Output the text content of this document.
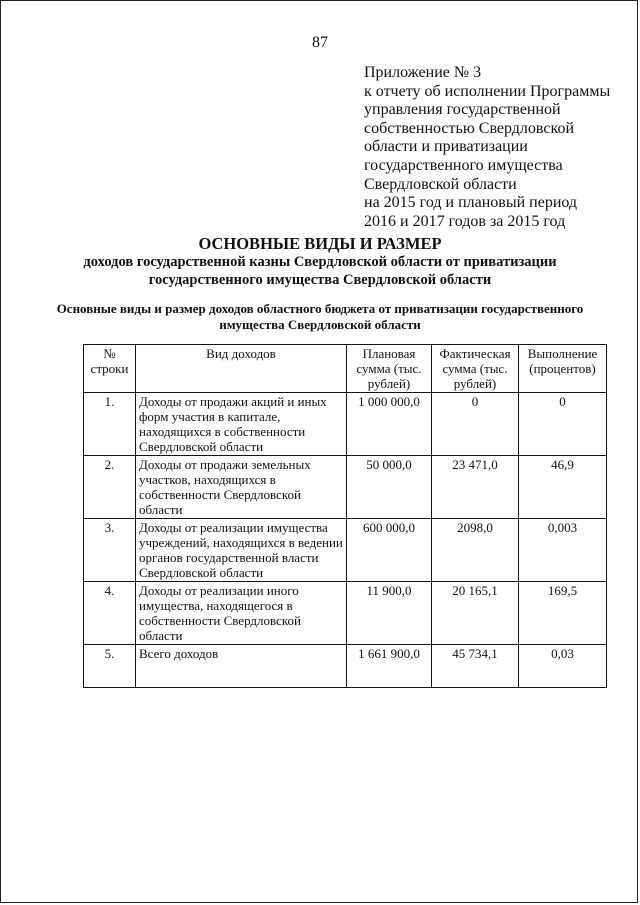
87
Приложение № 3
к отчету об исполнении Программы
управления государственной
собственностью Свердловской
области и приватизации
государственного имущества
Свердловской области
на 2015 год и плановый период
2016 и 2017 годов за 2015 год
ОСНОВНЫЕ ВИДЫ И РАЗМЕР
доходов государственной казны Свердловской области от приватизации
государственного имущества Свердловской области
Основные виды и размер доходов областного бюджета от приватизации государственного
имущества Свердловской области
№ строки	Вид доходов	Плановая сумма (тыс. рублей)	Фактическая сумма (тыс. рублей)	Выполнение (процентов)
1.	Доходы от продажи акций и иных форм участия в капитале, находящихся в собственности Свердловской области	1 000 000,0	0	0
2.	Доходы от продажи земельных участков, находящихся в собственности Свердловской области	50 000,0	23 471,0	46,9
3.	Доходы от реализации имущества учреждений, находящихся в ведении органов государственной власти Свердловской области	600 000,0	2098,0	0,003
4.	Доходы от реализации иного имущества, находящегося в собственности Свердловской области	11 900,0	20 165,1	169,5
5.	Всего доходов	1 661 900,0	45 734,1	0,03
